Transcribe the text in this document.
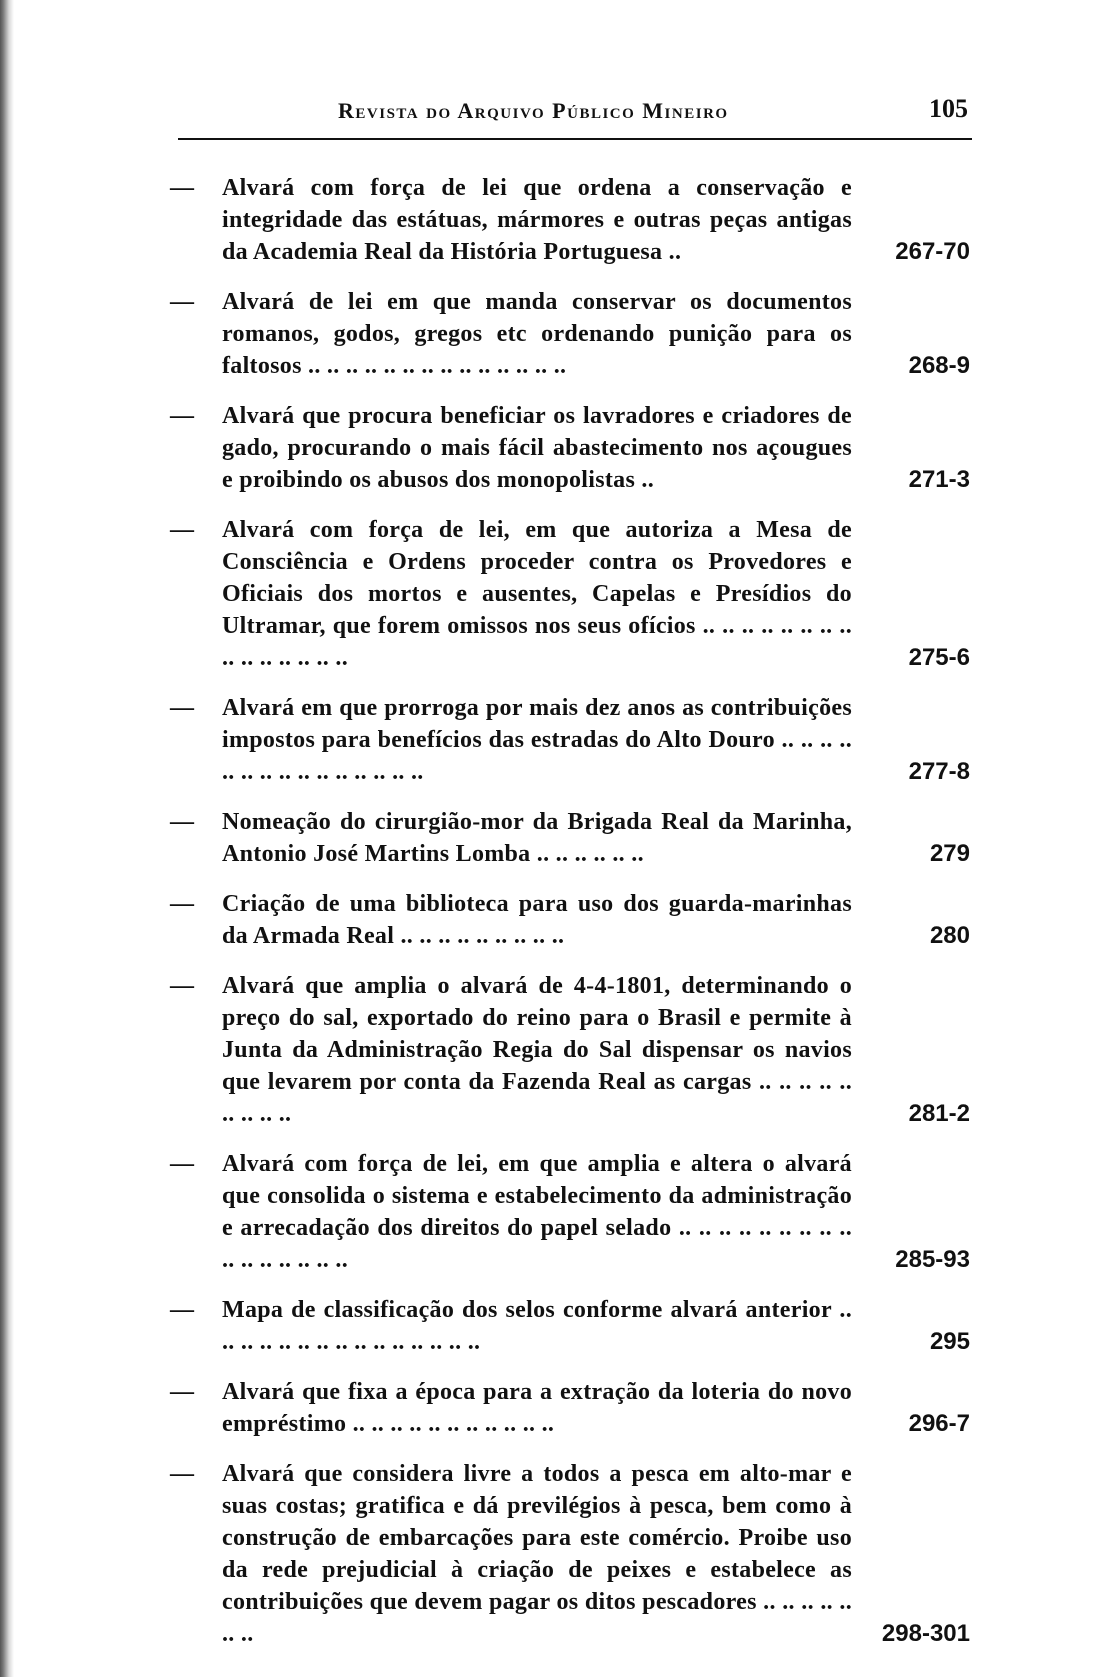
Revista do Arquivo Público Mineiro	105
— Alvará com força de lei que ordena a conservação e integridade das estátuas, mármores e outras peças antigas da Academia Real da História Portuguesa ..	267-70
— Alvará de lei em que manda conservar os documentos romanos, godos, gregos etc ordenando punição para os faltosos .. .. .. .. .. .. .. .. .. .. .. .. .. ..	268-9
— Alvará que procura beneficiar os lavradores e criadores de gado, procurando o mais fácil abastecimento nos açougues e proibindo os abusos dos monopolistas ..	271-3
— Alvará com força de lei, em que autoriza a Mesa de Consciência e Ordens proceder contra os Provedores e Oficiais dos mortos e ausentes, Capelas e Presídios do Ultramar, que forem omissos nos seus ofícios .. .. .. .. .. .. .. .. .. .. .. .. .. .. ..	275-6
— Alvará em que prorroga por mais dez anos as contribuições impostos para benefícios das estradas do Alto Douro .. .. .. .. .. .. .. .. .. .. .. .. .. .. ..	277-8
— Nomeação do cirurgião-mor da Brigada Real da Marinha, Antonio José Martins Lomba .. .. .. .. .. ..	279
— Criação de uma biblioteca para uso dos guarda-marinhas da Armada Real .. .. .. .. .. .. .. .. ..	280
— Alvará que amplia o alvará de 4-4-1801, determinando o preço do sal, exportado do reino para o Brasil e permite à Junta da Administração Regia do Sal dispensar os navios que levarem por conta da Fazenda Real as cargas .. .. .. .. .. .. .. .. ..	281-2
— Alvará com força de lei, em que amplia e altera o alvará que consolida o sistema e estabelecimento da administração e arrecadação dos direitos do papel selado .. .. .. .. .. .. .. .. .. .. .. .. .. .. .. ..	285-93
— Mapa de classificação dos selos conforme alvará anterior .. .. .. .. .. .. .. .. .. .. .. .. .. .. ..	295
— Alvará que fixa a época para a extração da loteria do novo empréstimo .. .. .. .. .. .. .. .. .. .. ..	296-7
— Alvará que considera livre a todos a pesca em alto-mar e suas costas; gratifica e dá previlégios à pesca, bem como à construção de embarcações para este comércio. Proibe uso da rede prejudicial à criação de peixes e estabelece as contribuições que devem pagar os ditos pescadores .. .. .. .. .. .. ..	298-301
